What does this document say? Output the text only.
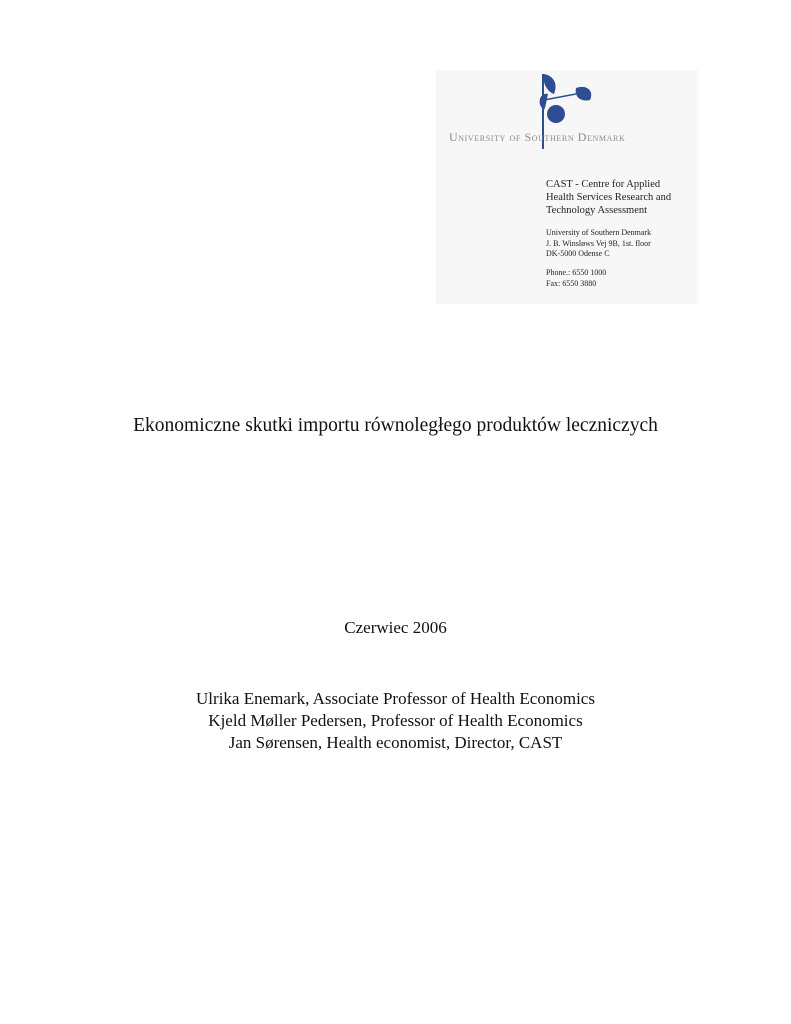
University of Southern Denmark
CAST - Centre for Applied
Health Services Research and
Technology Assessment
University of Southern Denmark
J. B. Winsløws Vej 9B, 1st. floor
DK-5000 Odense C
Phone.: 6550 1000
Fax: 6550 3880
Ekonomiczne skutki importu równoległego produktów leczniczych
Czerwiec 2006
Ulrika Enemark, Associate Professor of Health Economics
Kjeld Møller Pedersen, Professor of Health Economics
Jan Sørensen, Health economist, Director, CAST
